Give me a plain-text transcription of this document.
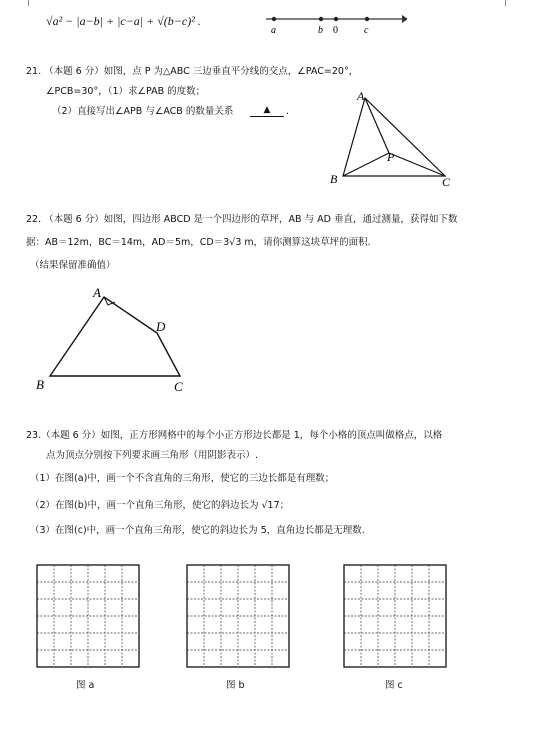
√a² − |a−b| + |c−a| + √(b−c)² .
a	b 0	c
21. （本题 6 分）如图，点 P 为△ABC 三边垂直平分线的交点，∠PAC=20°，
∠PCB=30°，（1）求∠PAB 的度数；
（2）直接写出∠APB 与∠ACB 的数量关系	▲	.
A
B	C
P
22. （本题 6 分）如图，四边形 ABCD 是一个四边形的草坪，AB 与 AD 垂直，通过测量，获得如下数
据：AB＝12m，BC＝14m，AD＝5m，CD＝3√3 m，请你测算这块草坪的面积.
（结果保留准确值）
A
B	C
D
23.（本题 6 分）如图，正方形网格中的每个小正方形边长都是 1，每个小格的顶点叫做格点，以格
点为顶点分别按下列要求画三角形（用阴影表示）.
（1）在图(a)中，画一个不含直角的三角形，使它的三边长都是有理数；
（2）在图(b)中，画一个直角三角形，使它的斜边长为 √17；
（3）在图(c)中，画一个直角三角形，使它的斜边长为 5，直角边长都是无理数.
图 a	图 b	图 c
